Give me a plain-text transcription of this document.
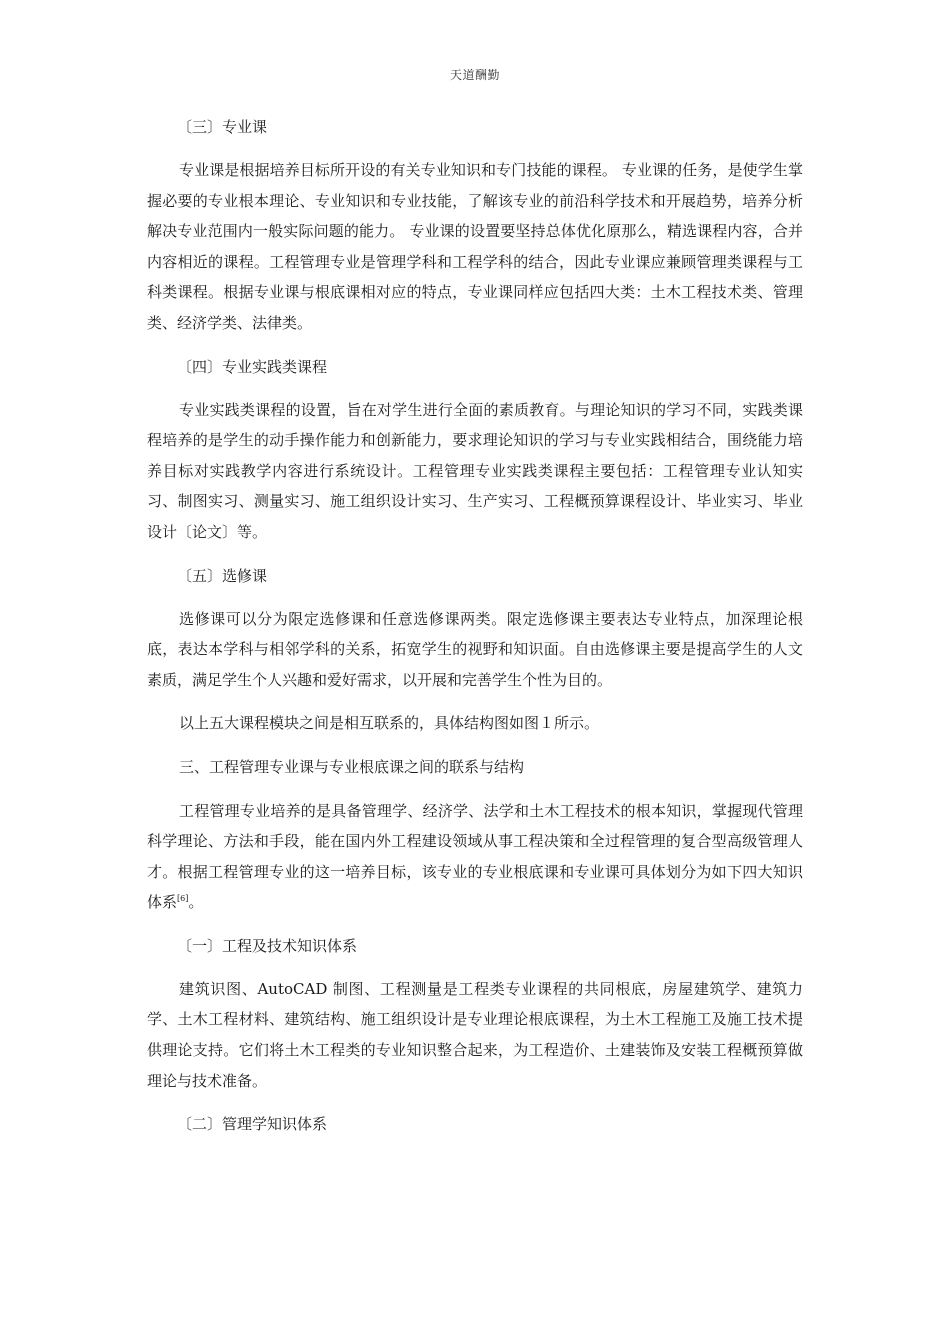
天道酬勤

〔三〕专业课

专业课是根据培养目标所开设的有关专业知识和专门技能的课程。 专业课的任务，是使学生掌握必要的专业根本理论、专业知识和专业技能，了解该专业的前沿科学技术和开展趋势，培养分析解决专业范围内一般实际问题的能力。 专业课的设置要坚持总体优化原那么，精选课程内容，合并内容相近的课程。工程管理专业是管理学科和工程学科的结合，因此专业课应兼顾管理类课程与工科类课程。根据专业课与根底课相对应的特点，专业课同样应包括四大类：土木工程技术类、管理类、经济学类、法律类。

〔四〕专业实践类课程

专业实践类课程的设置，旨在对学生进行全面的素质教育。与理论知识的学习不同，实践类课程培养的是学生的动手操作能力和创新能力，要求理论知识的学习与专业实践相结合，围绕能力培养目标对实践教学内容进行系统设计。工程管理专业实践类课程主要包括：工程管理专业认知实习、制图实习、测量实习、施工组织设计实习、生产实习、工程概预算课程设计、毕业实习、毕业设计〔论文〕等。

〔五〕选修课

选修课可以分为限定选修课和任意选修课两类。限定选修课主要表达专业特点，加深理论根底，表达本学科与相邻学科的关系，拓宽学生的视野和知识面。自由选修课主要是提高学生的人文素质，满足学生个人兴趣和爱好需求，以开展和完善学生个性为目的。

以上五大课程模块之间是相互联系的，具体结构图如图１所示。

三、工程管理专业课与专业根底课之间的联系与结构

工程管理专业培养的是具备管理学、经济学、法学和土木工程技术的根本知识，掌握现代管理科学理论、方法和手段，能在国内外工程建设领域从事工程决策和全过程管理的复合型高级管理人才。根据工程管理专业的这一培养目标，该专业的专业根底课和专业课可具体划分为如下四大知识体系[6]。

〔一〕工程及技术知识体系

建筑识图、AutoCAD 制图、工程测量是工程类专业课程的共同根底，房屋建筑学、建筑力学、土木工程材料、建筑结构、施工组织设计是专业理论根底课程，为土木工程施工及施工技术提供理论支持。它们将土木工程类的专业知识整合起来，为工程造价、土建装饰及安装工程概预算做理论与技术准备。

〔二〕管理学知识体系
